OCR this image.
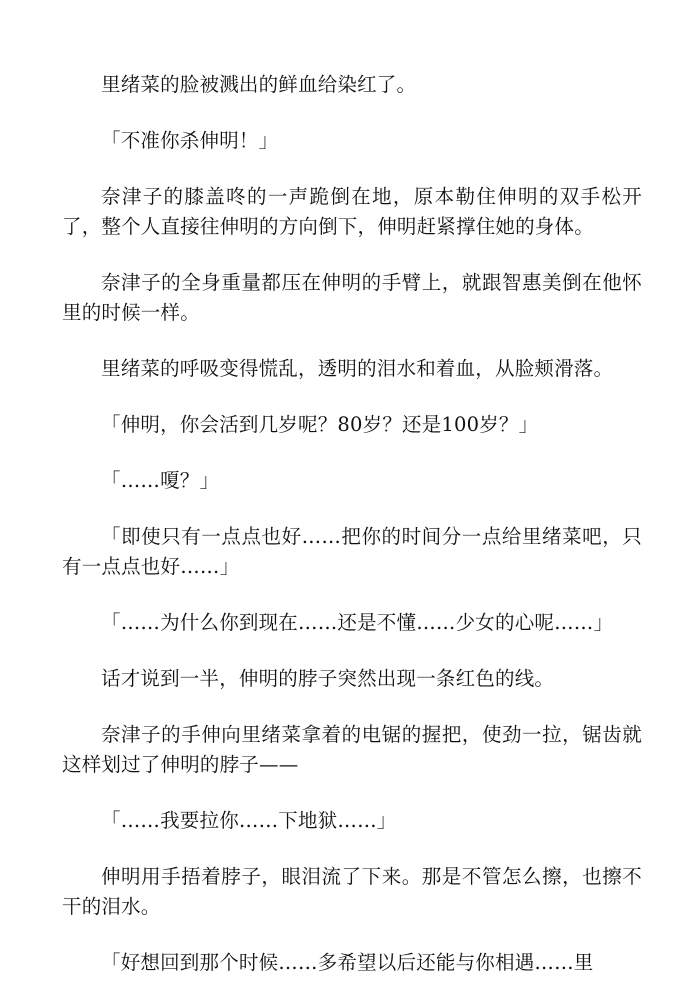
里绪菜的脸被溅出的鲜血给染红了。

「不准你杀伸明！」

奈津子的膝盖咚的一声跪倒在地，原本勒住伸明的双手松开了，整个人直接往伸明的方向倒下，伸明赶紧撑住她的身体。

奈津子的全身重量都压在伸明的手臂上，就跟智惠美倒在他怀里的时候一样。

里绪菜的呼吸变得慌乱，透明的泪水和着血，从脸颊滑落。

「伸明，你会活到几岁呢？80岁？还是100岁？」

「……嗄？」

「即使只有一点点也好……把你的时间分一点给里绪菜吧，只有一点点也好……」

「……为什么你到现在……还是不懂……少女的心呢……」

话才说到一半，伸明的脖子突然出现一条红色的线。

奈津子的手伸向里绪菜拿着的电锯的握把，使劲一拉，锯齿就这样划过了伸明的脖子——

「……我要拉你……下地狱……」

伸明用手捂着脖子，眼泪流了下来。那是不管怎么擦，也擦不干的泪水。

「好想回到那个时候……多希望以后还能与你相遇……里
